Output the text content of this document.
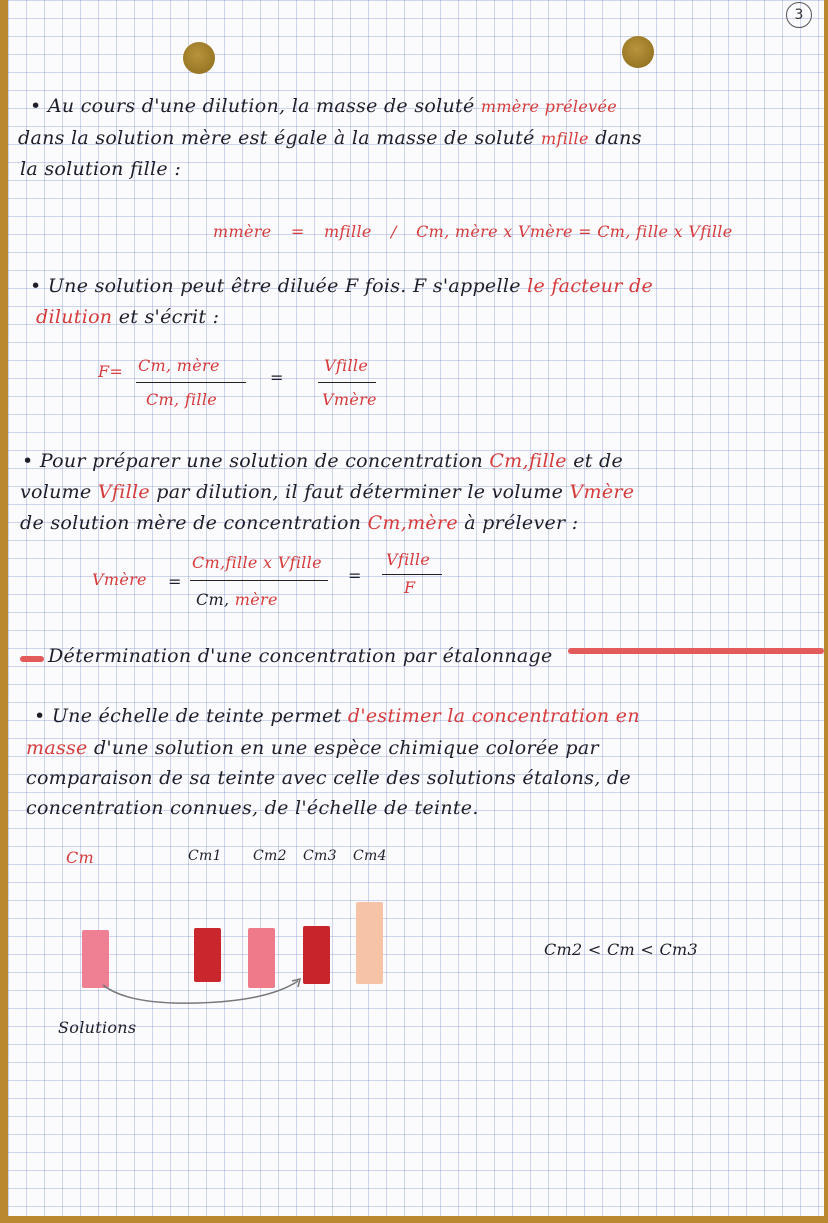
3
• Au cours d'une dilution, la masse de soluté mmère prélevée
dans la solution mère est égale à la masse de soluté mfille dans
la solution fille :
mmère = mfille / Cm, mère x Vmère = Cm, fille x Vfille
• Une solution peut être diluée F fois. F s'appelle le facteur de
dilution et s'écrit :
F= Cm, mère
Cm, fille
=
Vfille
Vmère
• Pour préparer une solution de concentration Cm,fille et de
volume Vfille par dilution, il faut déterminer le volume Vmère
de solution mère de concentration Cm,mère à prélever :
Vmère =
Cm,fille x Vfille
Cm, mère
=
Vfille
F
Détermination d'une concentration par étalonnage
• Une échelle de teinte permet d'estimer la concentration en
masse d'une solution en une espèce chimique colorée par
comparaison de sa teinte avec celle des solutions étalons, de
concentration connues, de l'échelle de teinte.
Cm	Cm1 Cm2 Cm3 Cm4
Cm2 < Cm < Cm3
Solutions
